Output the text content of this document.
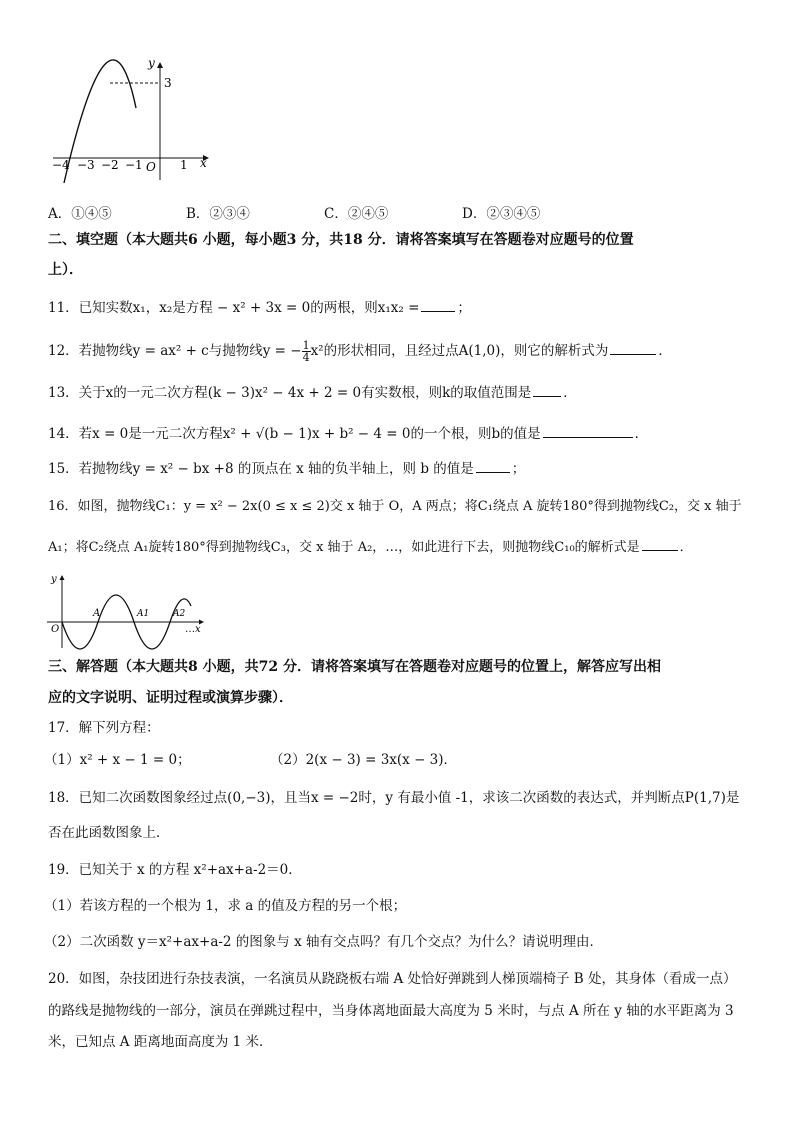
y
x
3
O
−4 −3 −2 −1	1
A．①④⑤	B．②③④	C．②④⑤	D．②③④⑤
二、填空题（本大题共6 小题，每小题3 分，共18 分．请将答案填写在答题卷对应题号的位置
上）．
11．已知实数x₁，x₂是方程 − x² + 3x = 0的两根，则x₁x₂ =	；
12．若抛物线y = ax² + c与抛物线y = − $\frac{1}{4} x^2$的形状相同，且经过点A(1,0)，则它的解析式为	．
13．关于x的一元二次方程(k − 3)x² − 4x + 2 = 0有实数根，则k的取值范围是 ．
14．若x = 0是一元二次方程x² + √(b − 1)x + b² − 4 = 0的一个根，则b的值是	．
15．若抛物线y = x² − bx +8 的顶点在 x 轴的负半轴上，则 b 的值是	；
16．如图，抛物线C₁：y = x² − 2x(0 ≤ x ≤ 2)交 x 轴于 O，A 两点；将C₁绕点 A 旋转180°得到抛物线C₂，交 x 轴于
A₁；将C₂绕点 A₁旋转180°得到抛物线C₃，交 x 轴于 A₂，…，如此进行下去，则抛物线C₁₀的解析式是	．
y
O
A	A1	A2
… x
三、解答题（本大题共8 小题，共72 分．请将答案填写在答题卷对应题号的位置上，解答应写出相
应的文字说明、证明过程或演算步骤）．
17．解下列方程：
（1）x² + x − 1 = 0；	（2）2(x − 3) = 3x(x − 3)．
18．已知二次函数图象经过点(0,−3)，且当x = −2时，y 有最小值 -1，求该二次函数的表达式，并判断点P(1,7)是
否在此函数图象上．
19．已知关于 x 的方程 x²+ax+a-2＝0．
（1）若该方程的一个根为 1，求 a 的值及方程的另一个根；
（2）二次函数 y＝x²+ax+a-2 的图象与 x 轴有交点吗？有几个交点？为什么？请说明理由．
20．如图，杂技团进行杂技表演，一名演员从跷跷板右端 A 处恰好弹跳到人梯顶端椅子 B 处，其身体（看成一点）
的路线是抛物线的一部分，演员在弹跳过程中，当身体离地面最大高度为 5 米时，与点 A 所在 y 轴的水平距离为 3
米，已知点 A 距离地面高度为 1 米．
